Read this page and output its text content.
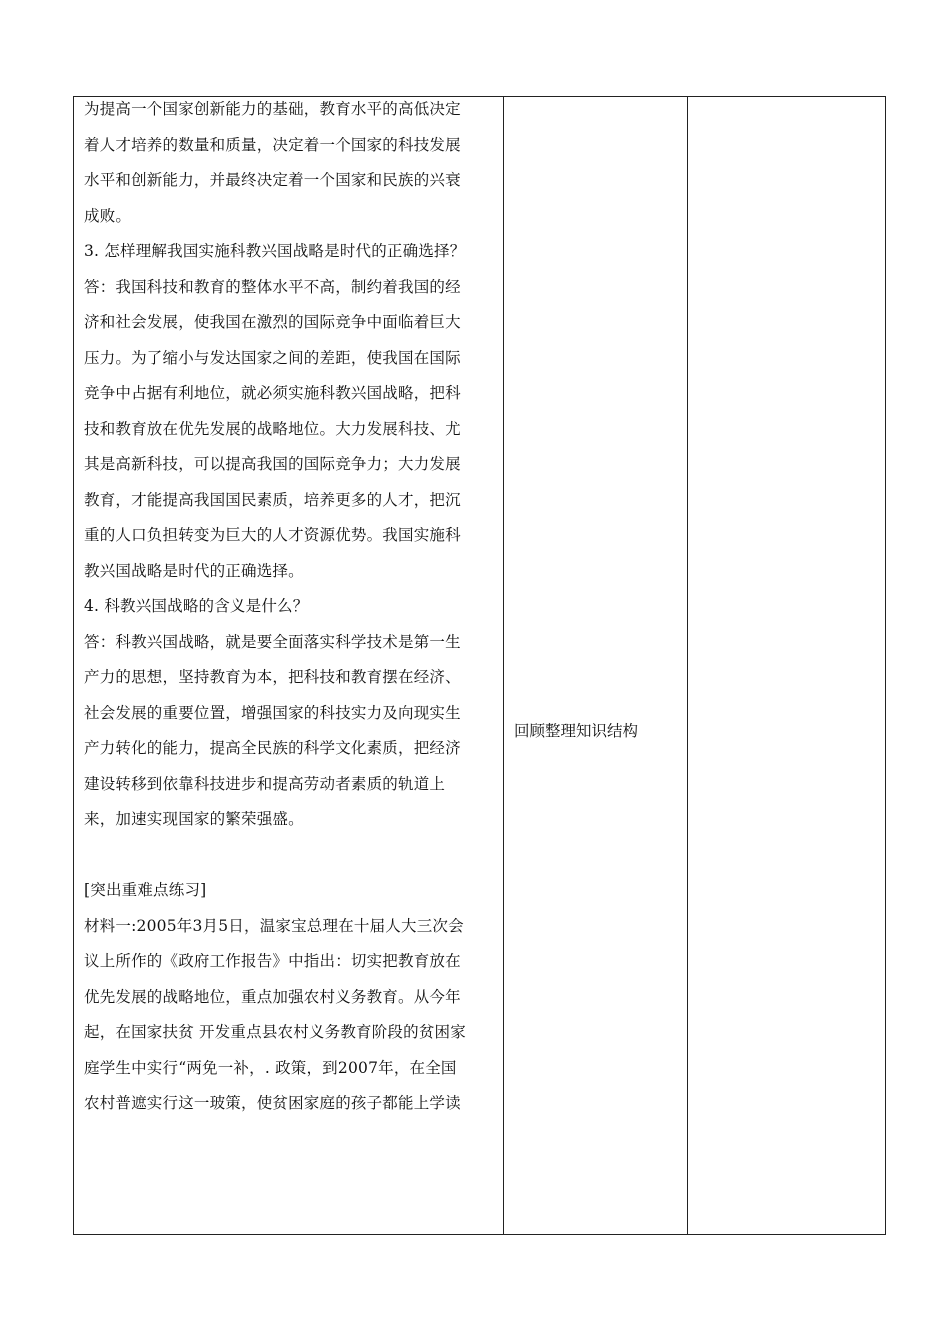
为提高一个国家创新能力的基础，教育水平的高低决定
着人才培养的数量和质量，决定着一个国家的科技发展
水平和创新能力，并最终决定着一个国家和民族的兴衰
成败。
3. 怎样理解我国实施科教兴国战略是时代的正确选择？
答：我国科技和教育的整体水平不高，制约着我国的经
济和社会发展，使我国在激烈的国际竞争中面临着巨大
压力。为了缩小与发达国家之间的差距，使我国在国际
竞争中占据有利地位，就必须实施科教兴国战略，把科
技和教育放在优先发展的战略地位。大力发展科技、尤
其是高新科技，可以提高我国的国际竞争力；大力发展
教育，才能提高我国国民素质，培养更多的人才，把沉
重的人口负担转变为巨大的人才资源优势。我国实施科
教兴国战略是时代的正确选择。
4. 科教兴国战略的含义是什么？
答：科教兴国战略，就是要全面落实科学技术是第一生
产力的思想，坚持教育为本，把科技和教育摆在经济、
社会发展的重要位置，增强国家的科技实力及向现实生
产力转化的能力，提高全民族的科学文化素质，把经济
建设转移到依靠科技进步和提高劳动者素质的轨道上
来，加速实现国家的繁荣强盛。
[突出重难点练习]
材料一:2005年3月5日，温家宝总理在十届人大三次会
议上所作的《政府工作报告》中指出：切实把教育放在
优先发展的战略地位，重点加强农村义务教育。从今年
起，在国家扶贫 开发重点县农村义务教育阶段的贫困家
庭学生中实行“两免一补，. 政策，到2007年，在全国
农村普遮实行这一玻策，使贫困家庭的孩子都能上学读
回顾整理知识结构
